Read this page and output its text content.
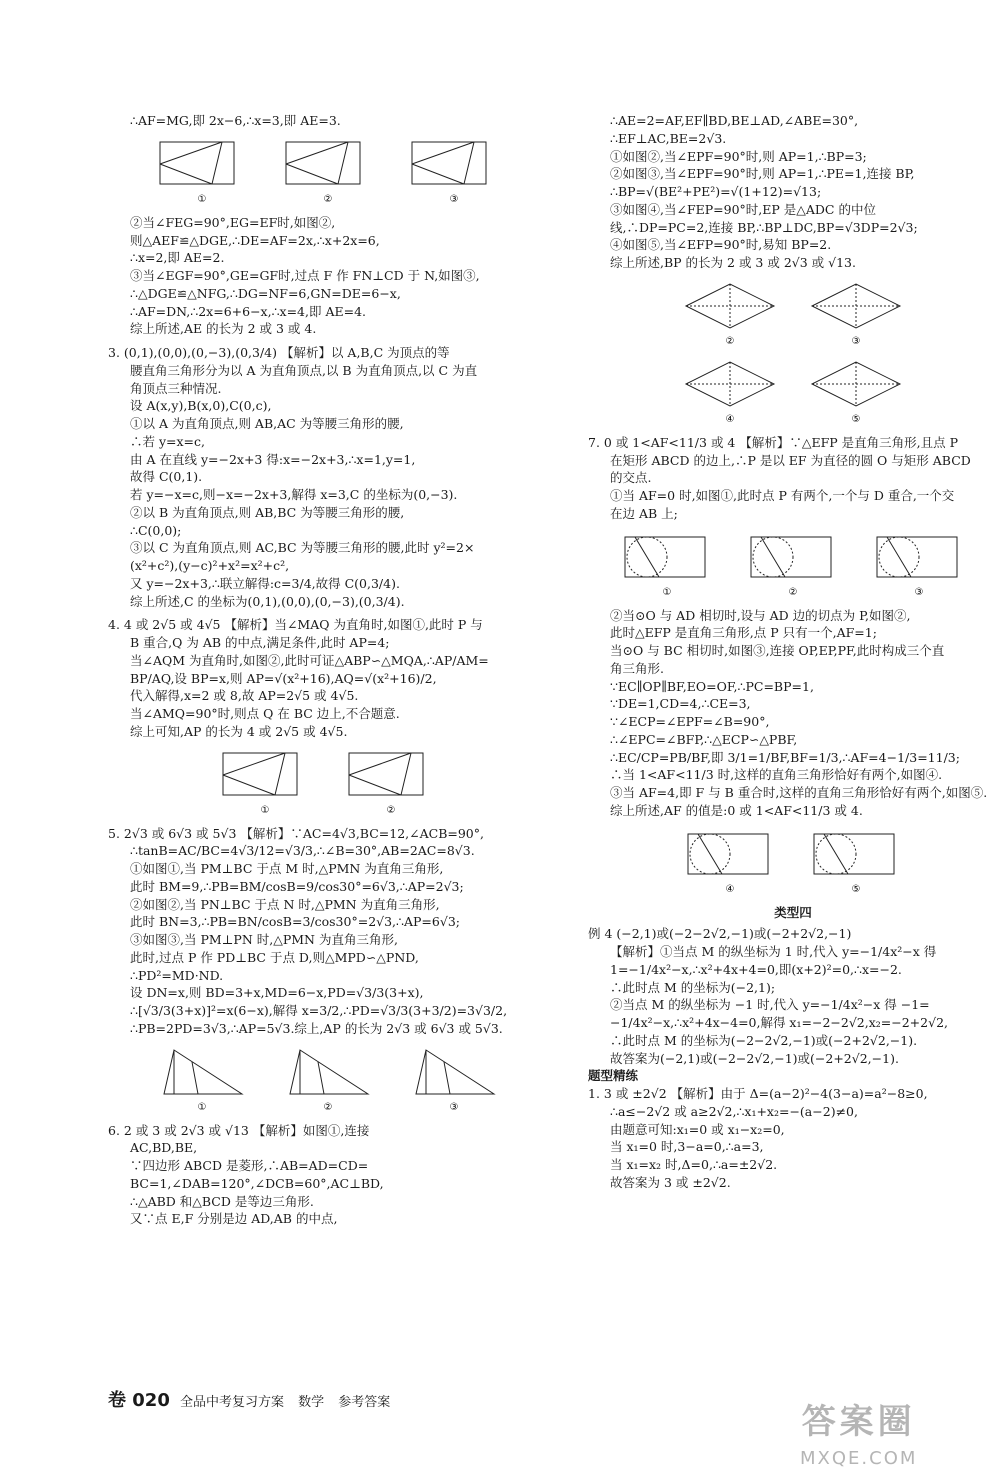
∴AF=MG,即 2x−6,∴x=3,即 AE=3.
①	②	③
②当∠FEG=90°,EG=EF时,如图②,
则△AEF≌△DGE,∴DE=AF=2x,∴x+2x=6,
∴x=2,即 AE=2.
③当∠EGF=90°,GE=GF时,过点 F 作 FN⊥CD 于 N,如图③,
∴△DGE≌△NFG,∴DG=NF=6,GN=DE=6−x,
∴AF=DN,∴2x=6+6−x,∴x=4,即 AE=4.
综上所述,AE 的长为 2 或 3 或 4.
3. (0,1),(0,0),(0,−3),(0,3/4) 【解析】以 A,B,C 为顶点的等
腰直角三角形分为以 A 为直角顶点,以 B 为直角顶点,以 C 为直
角顶点三种情况.
设 A(x,y),B(x,0),C(0,c),
①以 A 为直角顶点,则 AB,AC 为等腰三角形的腰,
∴若 y=x=c,
由 A 在直线 y=−2x+3 得:x=−2x+3,∴x=1,y=1,
故得 C(0,1).
若 y=−x=c,则−x=−2x+3,解得 x=3,C 的坐标为(0,−3).
②以 B 为直角顶点,则 AB,BC 为等腰三角形的腰,
∴C(0,0);
③以 C 为直角顶点,则 AC,BC 为等腰三角形的腰,此时 y²=2×
(x²+c²),(y−c)²+x²=x²+c²,
又 y=−2x+3,∴联立解得:c=3/4,故得 C(0,3/4).
综上所述,C 的坐标为(0,1),(0,0),(0,−3),(0,3/4).
4. 4 或 2√5 或 4√5 【解析】当∠MAQ 为直角时,如图①,此时 P 与
B 重合,Q 为 AB 的中点,满足条件,此时 AP=4;
当∠AQM 为直角时,如图②,此时可证△ABP∽△MQA,∴AP/AM=
BP/AQ,设 BP=x,则 AP=√(x²+16),AQ=√(x²+16)/2,
代入解得,x=2 或 8,故 AP=2√5 或 4√5.
当∠AMQ=90°时,则点 Q 在 BC 边上,不合题意.
综上可知,AP 的长为 4 或 2√5 或 4√5.
①	②
5. 2√3 或 6√3 或 5√3 【解析】∵AC=4√3,BC=12,∠ACB=90°,
∴tanB=AC/BC=4√3/12=√3/3,∴∠B=30°,AB=2AC=8√3.
①如图①,当 PM⊥BC 于点 M 时,△PMN 为直角三角形,
此时 BM=9,∴PB=BM/cosB=9/cos30°=6√3,∴AP=2√3;
②如图②,当 PN⊥BC 于点 N 时,△PMN 为直角三角形,
此时 BN=3,∴PB=BN/cosB=3/cos30°=2√3,∴AP=6√3;
③如图③,当 PM⊥PN 时,△PMN 为直角三角形,
此时,过点 P 作 PD⊥BC 于点 D,则△MPD∽△PND,
∴PD²=MD·ND.
设 DN=x,则 BD=3+x,MD=6−x,PD=√3/3(3+x),
∴[√3/3(3+x)]²=x(6−x),解得 x=3/2,∴PD=√3/3(3+3/2)=3√3/2,
∴PB=2PD=3√3,∴AP=5√3.综上,AP 的长为 2√3 或 6√3 或 5√3.
①	②	③
6. 2 或 3 或 2√3 或 √13 【解析】如图①,连接
AC,BD,BE,
∵四边形 ABCD 是菱形,∴AB=AD=CD=
BC=1,∠DAB=120°,∠DCB=60°,AC⊥BD,
∴△ABD 和△BCD 是等边三角形.
又∵点 E,F 分别是边 AD,AB 的中点,
∴AE=2=AF,EF∥BD,BE⊥AD,∠ABE=30°,
∴EF⊥AC,BE=2√3.
①如图②,当∠EPF=90°时,则 AP=1,∴BP=3;
②如图③,当∠EPF=90°时,则 AP=1,∴PE=1,连接 BP,
∴BP=√(BE²+PE²)=√(1+12)=√13;
③如图④,当∠FEP=90°时,EP 是△ADC 的中位
线,∴DP=PC=2,连接 BP,∴BP⊥DC,BP=√3DP=2√3;
④如图⑤,当∠EFP=90°时,易知 BP=2.
综上所述,BP 的长为 2 或 3 或 2√3 或 √13.
②	③
④	⑤
7. 0 或 1<AF<11/3 或 4 【解析】∵△EFP 是直角三角形,且点 P
在矩形 ABCD 的边上,∴P 是以 EF 为直径的圆 O 与矩形 ABCD
的交点.
①当 AF=0 时,如图①,此时点 P 有两个,一个与 D 重合,一个交
在边 AB 上;
①	②	③
②当⊙O 与 AD 相切时,设与 AD 边的切点为 P,如图②,
此时△EFP 是直角三角形,点 P 只有一个,AF=1;
当⊙O 与 BC 相切时,如图③,连接 OP,EP,PF,此时构成三个直
角三角形.
∵EC∥OP∥BF,EO=OF,∴PC=BP=1,
∵DE=1,CD=4,∴CE=3,
∵∠ECP=∠EPF=∠B=90°,
∴∠EPC=∠BFP,∴△ECP∽△PBF,
∴EC/CP=PB/BF,即 3/1=1/BF,BF=1/3,∴AF=4−1/3=11/3;
∴当 1<AF<11/3 时,这样的直角三角形恰好有两个,如图④.
③当 AF=4,即 F 与 B 重合时,这样的直角三角形恰好有两个,如图⑤.
综上所述,AF 的值是:0 或 1<AF<11/3 或 4.
④	⑤
类型四
例 4 (−2,1)或(−2−2√2,−1)或(−2+2√2,−1)
【解析】①当点 M 的纵坐标为 1 时,代入 y=−1/4x²−x 得
1=−1/4x²−x,∴x²+4x+4=0,即(x+2)²=0,∴x=−2.
∴此时点 M 的坐标为(−2,1);
②当点 M 的纵坐标为 −1 时,代入 y=−1/4x²−x 得 −1=
−1/4x²−x,∴x²+4x−4=0,解得 x₁=−2−2√2,x₂=−2+2√2,
∴此时点 M 的坐标为(−2−2√2,−1)或(−2+2√2,−1).
故答案为(−2,1)或(−2−2√2,−1)或(−2+2√2,−1).
题型精练
1. 3 或 ±2√2 【解析】由于 Δ=(a−2)²−4(3−a)=a²−8≥0,
∴a≤−2√2 或 a≥2√2,∴x₁+x₂=−(a−2)≠0,
由题意可知:x₁=0 或 x₁−x₂=0,
当 x₁=0 时,3−a=0,∴a=3,
当 x₁=x₂ 时,Δ=0,∴a=±2√2.
故答案为 3 或 ±2√2.
卷 020 全品中考复习方案 数学 参考答案	答案圈
MXQE.COM
